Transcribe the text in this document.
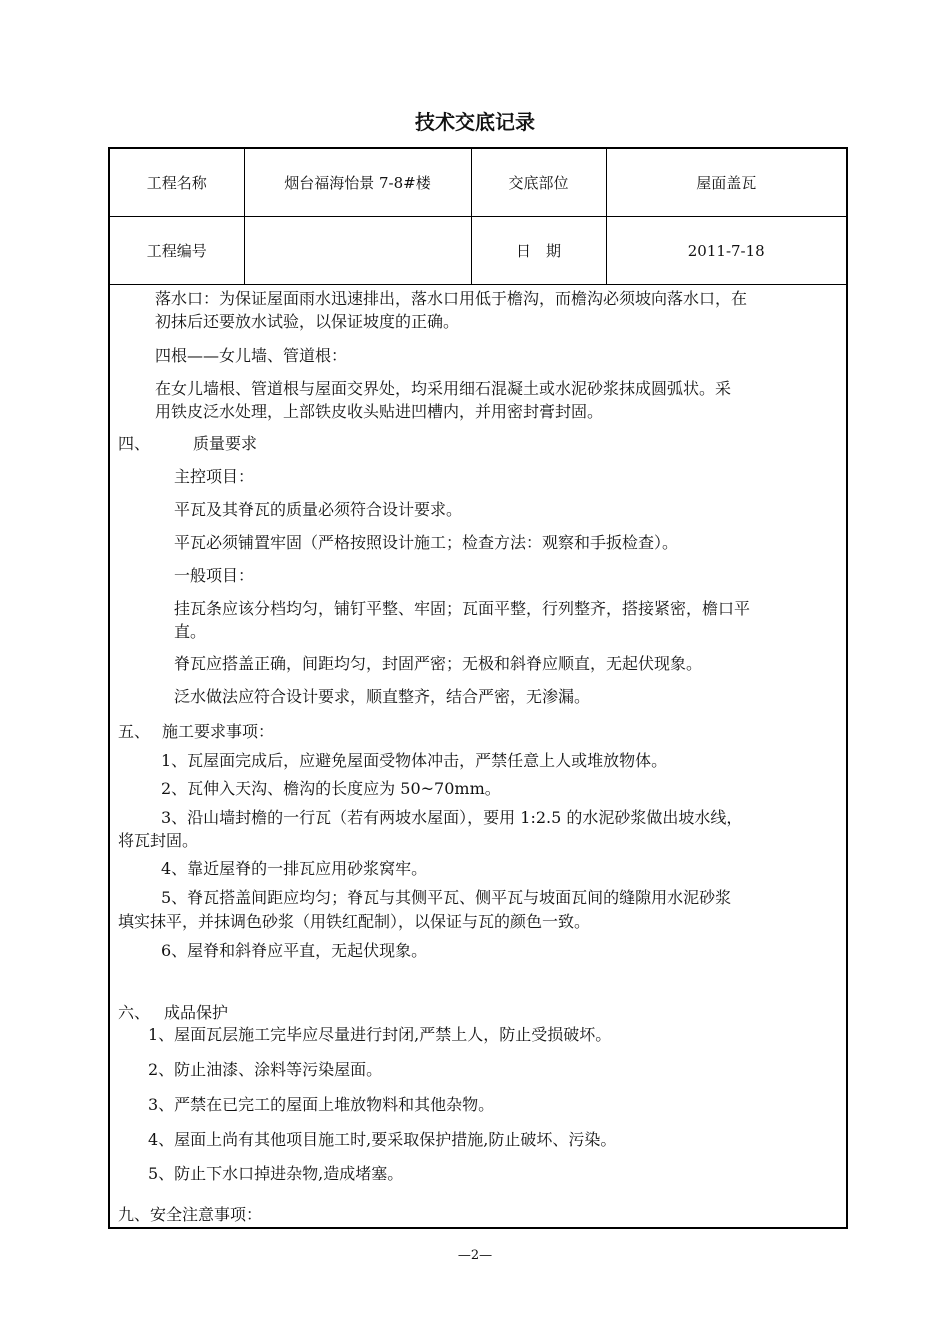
技术交底记录
工程名称	烟台福海怡景 7-8#楼	交底部位	屋面盖瓦
工程编号		日　期	2011-7-18
落水口：为保证屋面雨水迅速排出，落水口用低于檐沟，而檐沟必须坡向落水口，在
初抹后还要放水试验，以保证坡度的正确。
四根——女儿墙、管道根：
在女儿墙根、管道根与屋面交界处，均采用细石混凝土或水泥砂浆抹成圆弧状。采
用铁皮泛水处理，上部铁皮收头贴进凹槽内，并用密封膏封固。
四、	质量要求
主控项目：
平瓦及其脊瓦的质量必须符合设计要求。
平瓦必须铺置牢固（严格按照设计施工；检查方法：观察和手扳检查）。
一般项目：
挂瓦条应该分档均匀，铺钉平整、牢固；瓦面平整，行列整齐，搭接紧密，檐口平
直。
脊瓦应搭盖正确，间距均匀，封固严密；无极和斜脊应顺直，无起伏现象。
泛水做法应符合设计要求，顺直整齐，结合严密，无渗漏。
五、 施工要求事项：
1、瓦屋面完成后，应避免屋面受物体冲击，严禁任意上人或堆放物体。
2、瓦伸入天沟、檐沟的长度应为 50~70mm。
3、沿山墙封檐的一行瓦（若有两坡水屋面），要用 1:2.5 的水泥砂浆做出坡水线，
将瓦封固。
4、靠近屋脊的一排瓦应用砂浆窝牢。
5、脊瓦搭盖间距应均匀；脊瓦与其侧平瓦、侧平瓦与坡面瓦间的缝隙用水泥砂浆
填实抹平，并抹调色砂浆（用铁红配制），以保证与瓦的颜色一致。
6、屋脊和斜脊应平直，无起伏现象。
六、 成品保护
1、屋面瓦层施工完毕应尽量进行封闭,严禁上人，防止受损破坏。
2、防止油漆、涂料等污染屋面。
3、严禁在已完工的屋面上堆放物料和其他杂物。
4、屋面上尚有其他项目施工时,要采取保护措施,防止破坏、污染。
5、防止下水口掉进杂物,造成堵塞。
九、安全注意事项：
—2—
